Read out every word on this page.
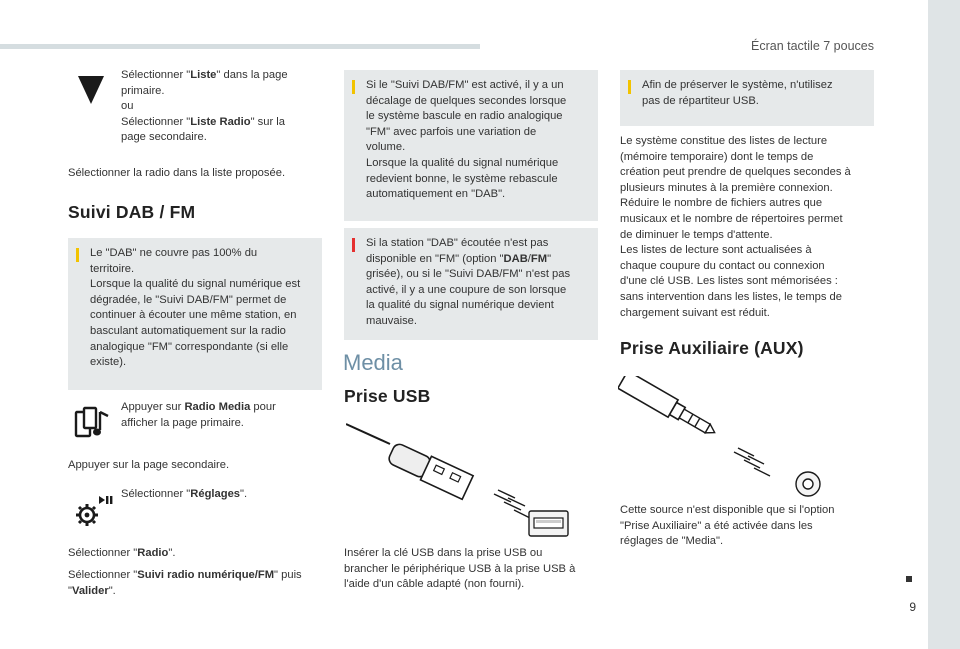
Écran tactile 7 pouces
9
Sélectionner "Liste" dans la page
primaire.
ou
Sélectionner "Liste Radio" sur la
page secondaire.
Sélectionner la radio dans la liste proposée.
Suivi DAB / FM
Le "DAB" ne couvre pas 100% du
territoire.
Lorsque la qualité du signal numérique est
dégradée, le "Suivi DAB/FM" permet de
continuer à écouter une même station, en
basculant automatiquement sur la radio
analogique "FM" correspondante (si elle
existe).
Appuyer sur Radio Media pour
afficher la page primaire.
Appuyer sur la page secondaire.
Sélectionner "Réglages".
Sélectionner "Radio".
Sélectionner "Suivi radio numérique/FM" puis
"Valider".
Si le "Suivi DAB/FM" est activé, il y a un
décalage de quelques secondes lorsque
le système bascule en radio analogique
"FM" avec parfois une variation de
volume.
Lorsque la qualité du signal numérique
redevient bonne, le système rebascule
automatiquement en "DAB".
Si la station "DAB" écoutée n'est pas
disponible en "FM" (option "DAB/FM"
grisée), ou si le "Suivi DAB/FM" n'est pas
activé, il y a une coupure de son lorsque
la qualité du signal numérique devient
mauvaise.
Media
Prise USB
Insérer la clé USB dans la prise USB ou
brancher le périphérique USB à la prise USB à
l'aide d'un câble adapté (non fourni).
Afin de préserver le système, n'utilisez
pas de répartiteur USB.
Le système constitue des listes de lecture
(mémoire temporaire) dont le temps de
création peut prendre de quelques secondes à
plusieurs minutes à la première connexion.
Réduire le nombre de fichiers autres que
musicaux et le nombre de répertoires permet
de diminuer le temps d'attente.
Les listes de lecture sont actualisées à
chaque coupure du contact ou connexion
d'une clé USB. Les listes sont mémorisées :
sans intervention dans les listes, le temps de
chargement suivant est réduit.
Prise Auxiliaire (AUX)
Cette source n'est disponible que si l'option
"Prise Auxiliaire" a été activée dans les
réglages de "Media".
